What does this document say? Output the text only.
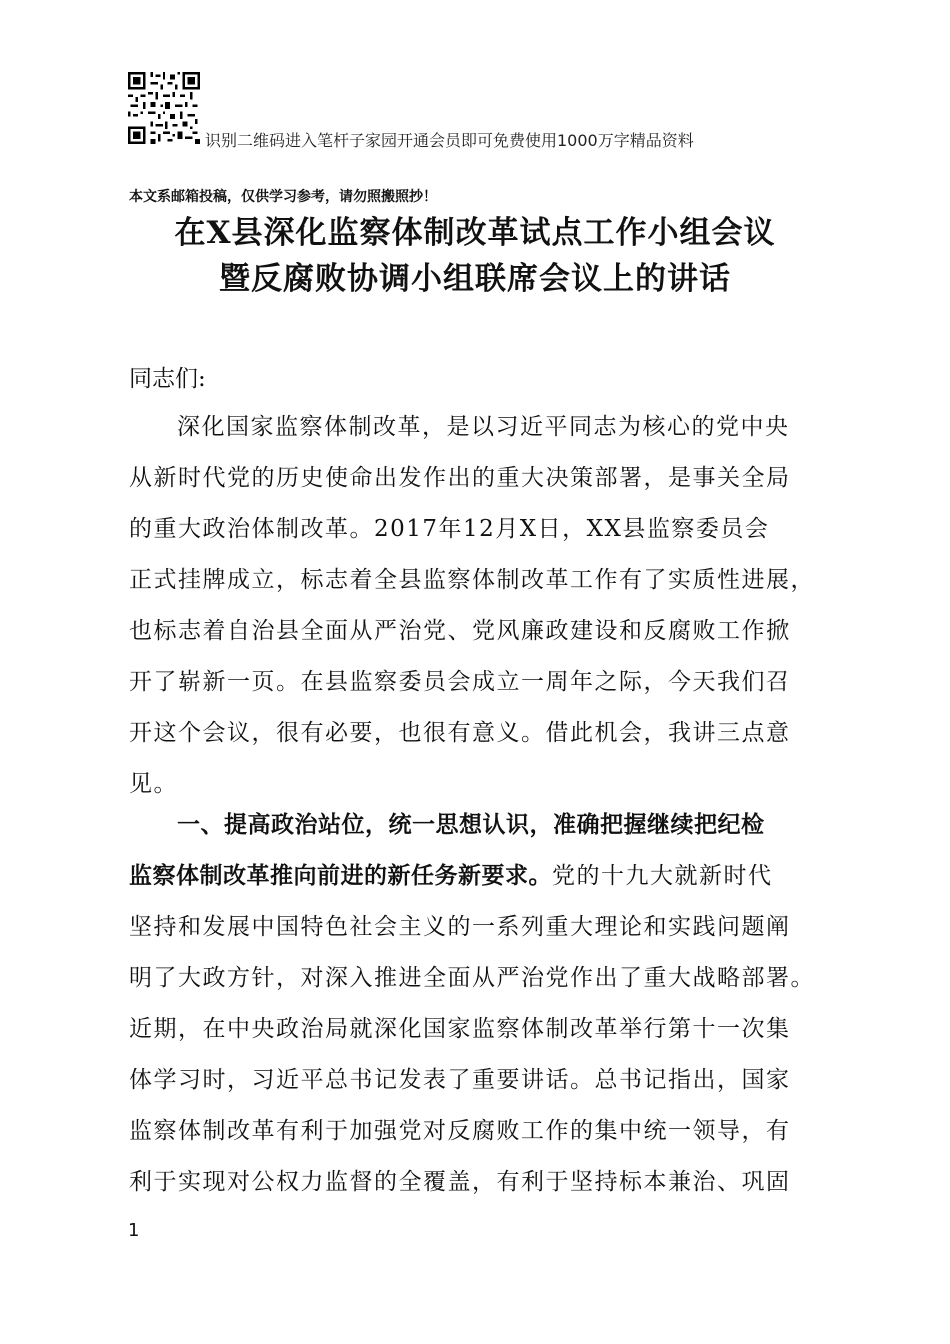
识别二维码进入笔杆子家园开通会员即可免费使用1000万字精品资料
本文系邮箱投稿，仅供学习参考，请勿照搬照抄！
在X县深化监察体制改革试点工作小组会议
暨反腐败协调小组联席会议上的讲话
同志们:
深化国家监察体制改革，是以习近平同志为核心的党中央
从新时代党的历史使命出发作出的重大决策部署，是事关全局
的重大政治体制改革。2017年12月X日，XX县监察委员会
正式挂牌成立，标志着全县监察体制改革工作有了实质性进展，
也标志着自治县全面从严治党、党风廉政建设和反腐败工作掀
开了崭新一页。在县监察委员会成立一周年之际，今天我们召
开这个会议，很有必要，也很有意义。借此机会，我讲三点意
见。
一、提高政治站位，统一思想认识，准确把握继续把纪检
监察体制改革推向前进的新任务新要求。党的十九大就新时代
坚持和发展中国特色社会主义的一系列重大理论和实践问题阐
明了大政方针，对深入推进全面从严治党作出了重大战略部署。
近期，在中央政治局就深化国家监察体制改革举行第十一次集
体学习时，习近平总书记发表了重要讲话。总书记指出，国家
监察体制改革有利于加强党对反腐败工作的集中统一领导，有
利于实现对公权力监督的全覆盖，有利于坚持标本兼治、巩固
1
